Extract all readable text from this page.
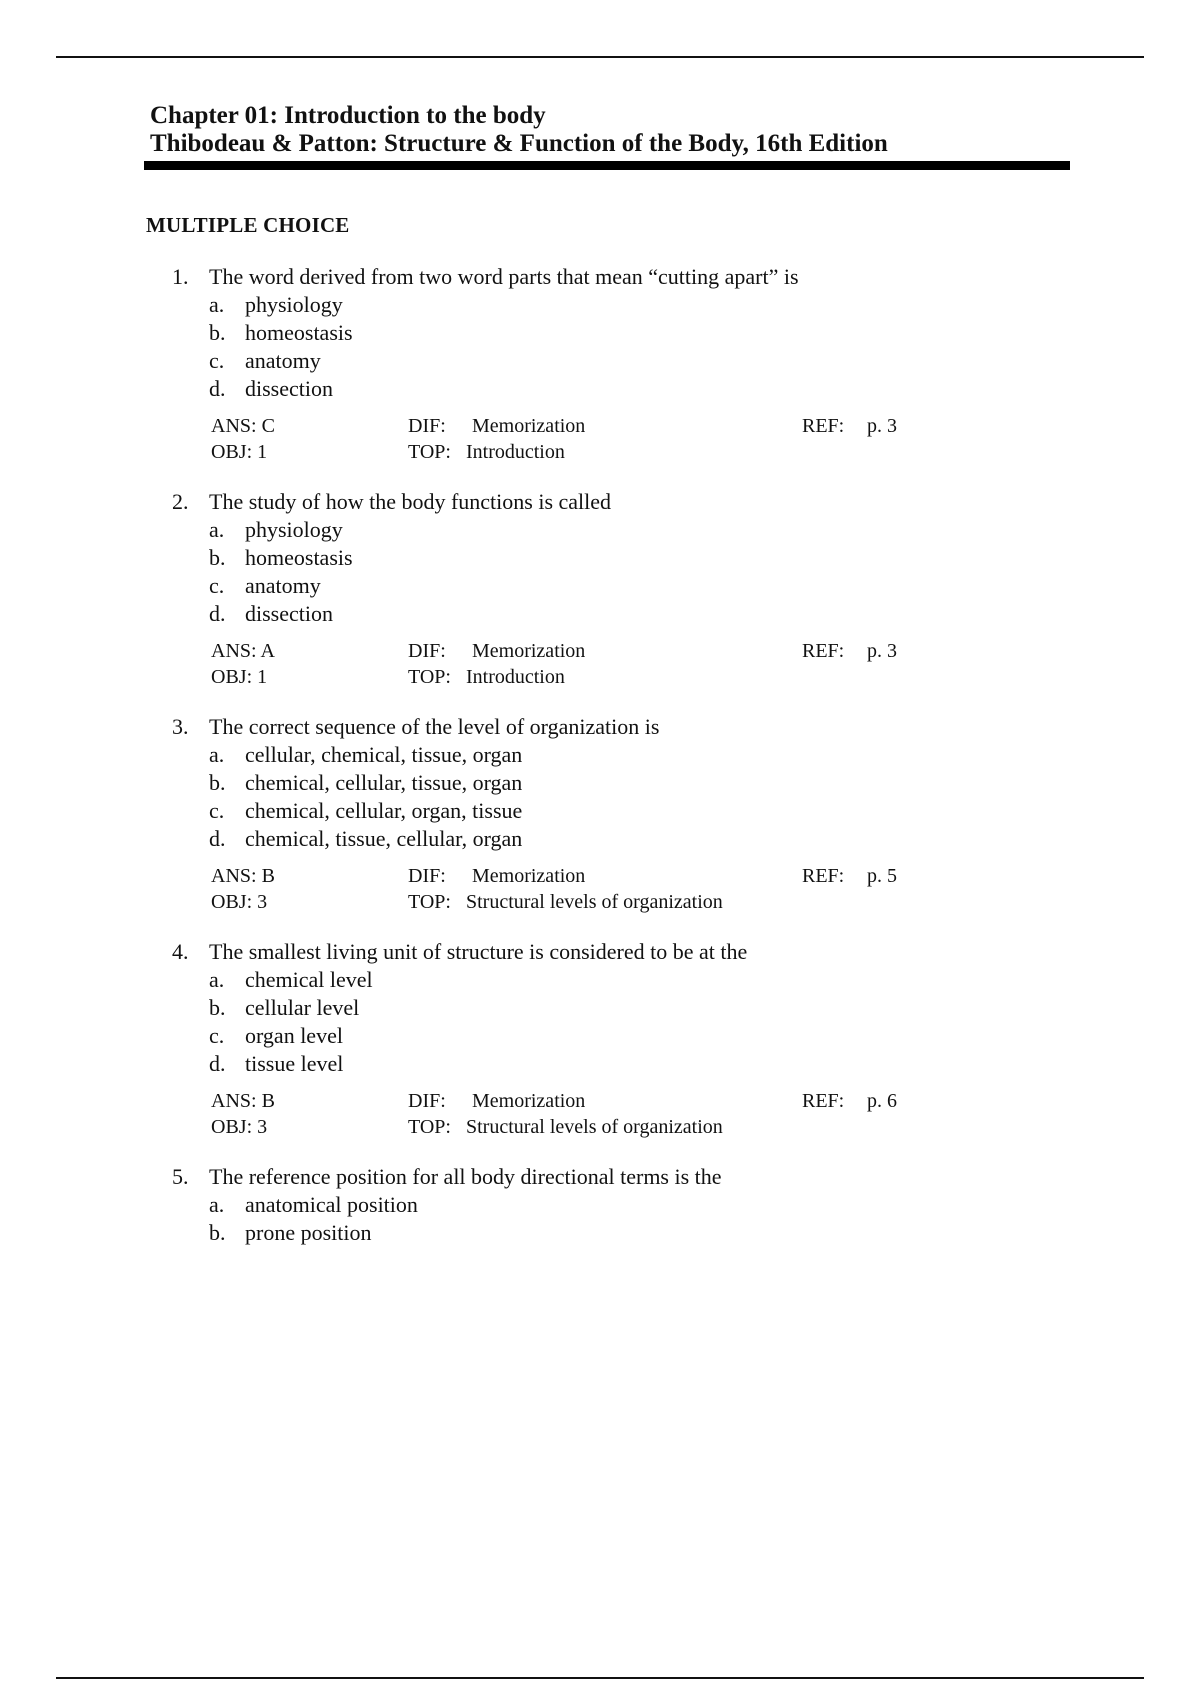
Chapter 01: Introduction to the body
Thibodeau & Patton: Structure & Function of the Body, 16th Edition
MULTIPLE CHOICE
1. The word derived from two word parts that mean “cutting apart” is
a. physiology
b. homeostasis
c. anatomy
d. dissection
ANS: C
OBJ: 1
DIF: Memorization
TOP: Introduction
REF: p. 3
2. The study of how the body functions is called
a. physiology
b. homeostasis
c. anatomy
d. dissection
ANS: A
OBJ: 1
DIF: Memorization
TOP: Introduction
REF: p. 3
3. The correct sequence of the level of organization is
a. cellular, chemical, tissue, organ
b. chemical, cellular, tissue, organ
c. chemical, cellular, organ, tissue
d. chemical, tissue, cellular, organ
ANS: B
OBJ: 3
DIF: Memorization
TOP: Structural levels of organization
REF: p. 5
4. The smallest living unit of structure is considered to be at the
a. chemical level
b. cellular level
c. organ level
d. tissue level
ANS: B
OBJ: 3
DIF: Memorization
TOP: Structural levels of organization
REF: p. 6
5. The reference position for all body directional terms is the
a. anatomical position
b. prone position
